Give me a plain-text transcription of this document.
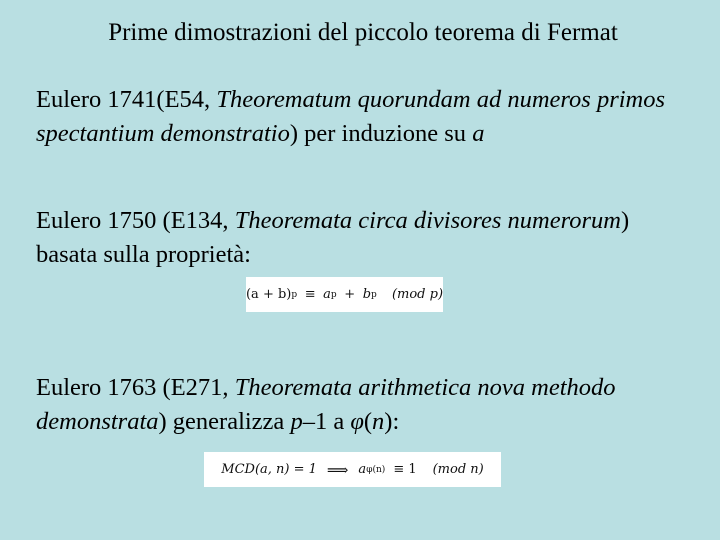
Prime dimostrazioni del piccolo teorema di Fermat
Eulero 1741(E54, Theorematum quorundam ad numeros primos spectantium demonstratio) per induzione su a
Eulero 1750 (E134, Theoremata circa divisores numerorum) basata sulla proprietà:
(a + b) p ≡ a p + b p (mod p)
Eulero 1763 (E271, Theoremata arithmetica nova methodo demonstrata) generalizza p–1 a φ(n):
MCD(a, n) = 1 ⟹ a φ(n) ≡ 1 (mod n)
